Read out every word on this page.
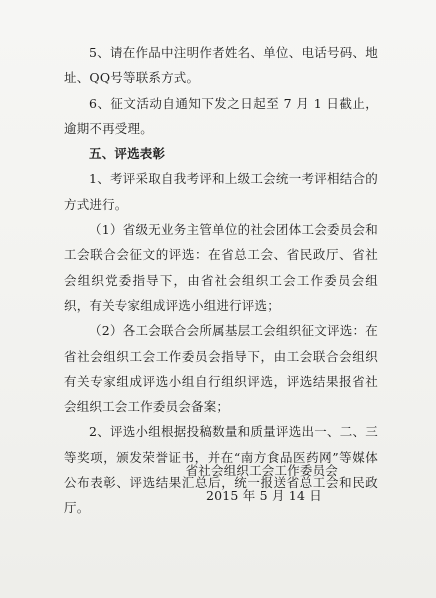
5、请在作品中注明作者姓名、单位、电话号码、地址、QQ号等联系方式。

6、征文活动自通知下发之日起至 7 月 1 日截止，逾期不再受理。

五、评选表彰

1、考评采取自我考评和上级工会统一考评相结合的方式进行。

（1）省级无业务主管单位的社会团体工会委员会和工会联合会征文的评选：在省总工会、省民政厅、省社会组织党委指导下，由省社会组织工会工作委员会组织，有关专家组成评选小组进行评选；

（2）各工会联合会所属基层工会组织征文评选：在省社会组织工会工作委员会指导下，由工会联合会组织有关专家组成评选小组自行组织评选，评选结果报省社会组织工会工作委员会备案；

2、评选小组根据投稿数量和质量评选出一、二、三等奖项，颁发荣誉证书，并在“南方食品医药网”等媒体公布表彰、评选结果汇总后，统一报送省总工会和民政厅。

省社会组织工会工作委员会

2015 年 5 月 14 日
